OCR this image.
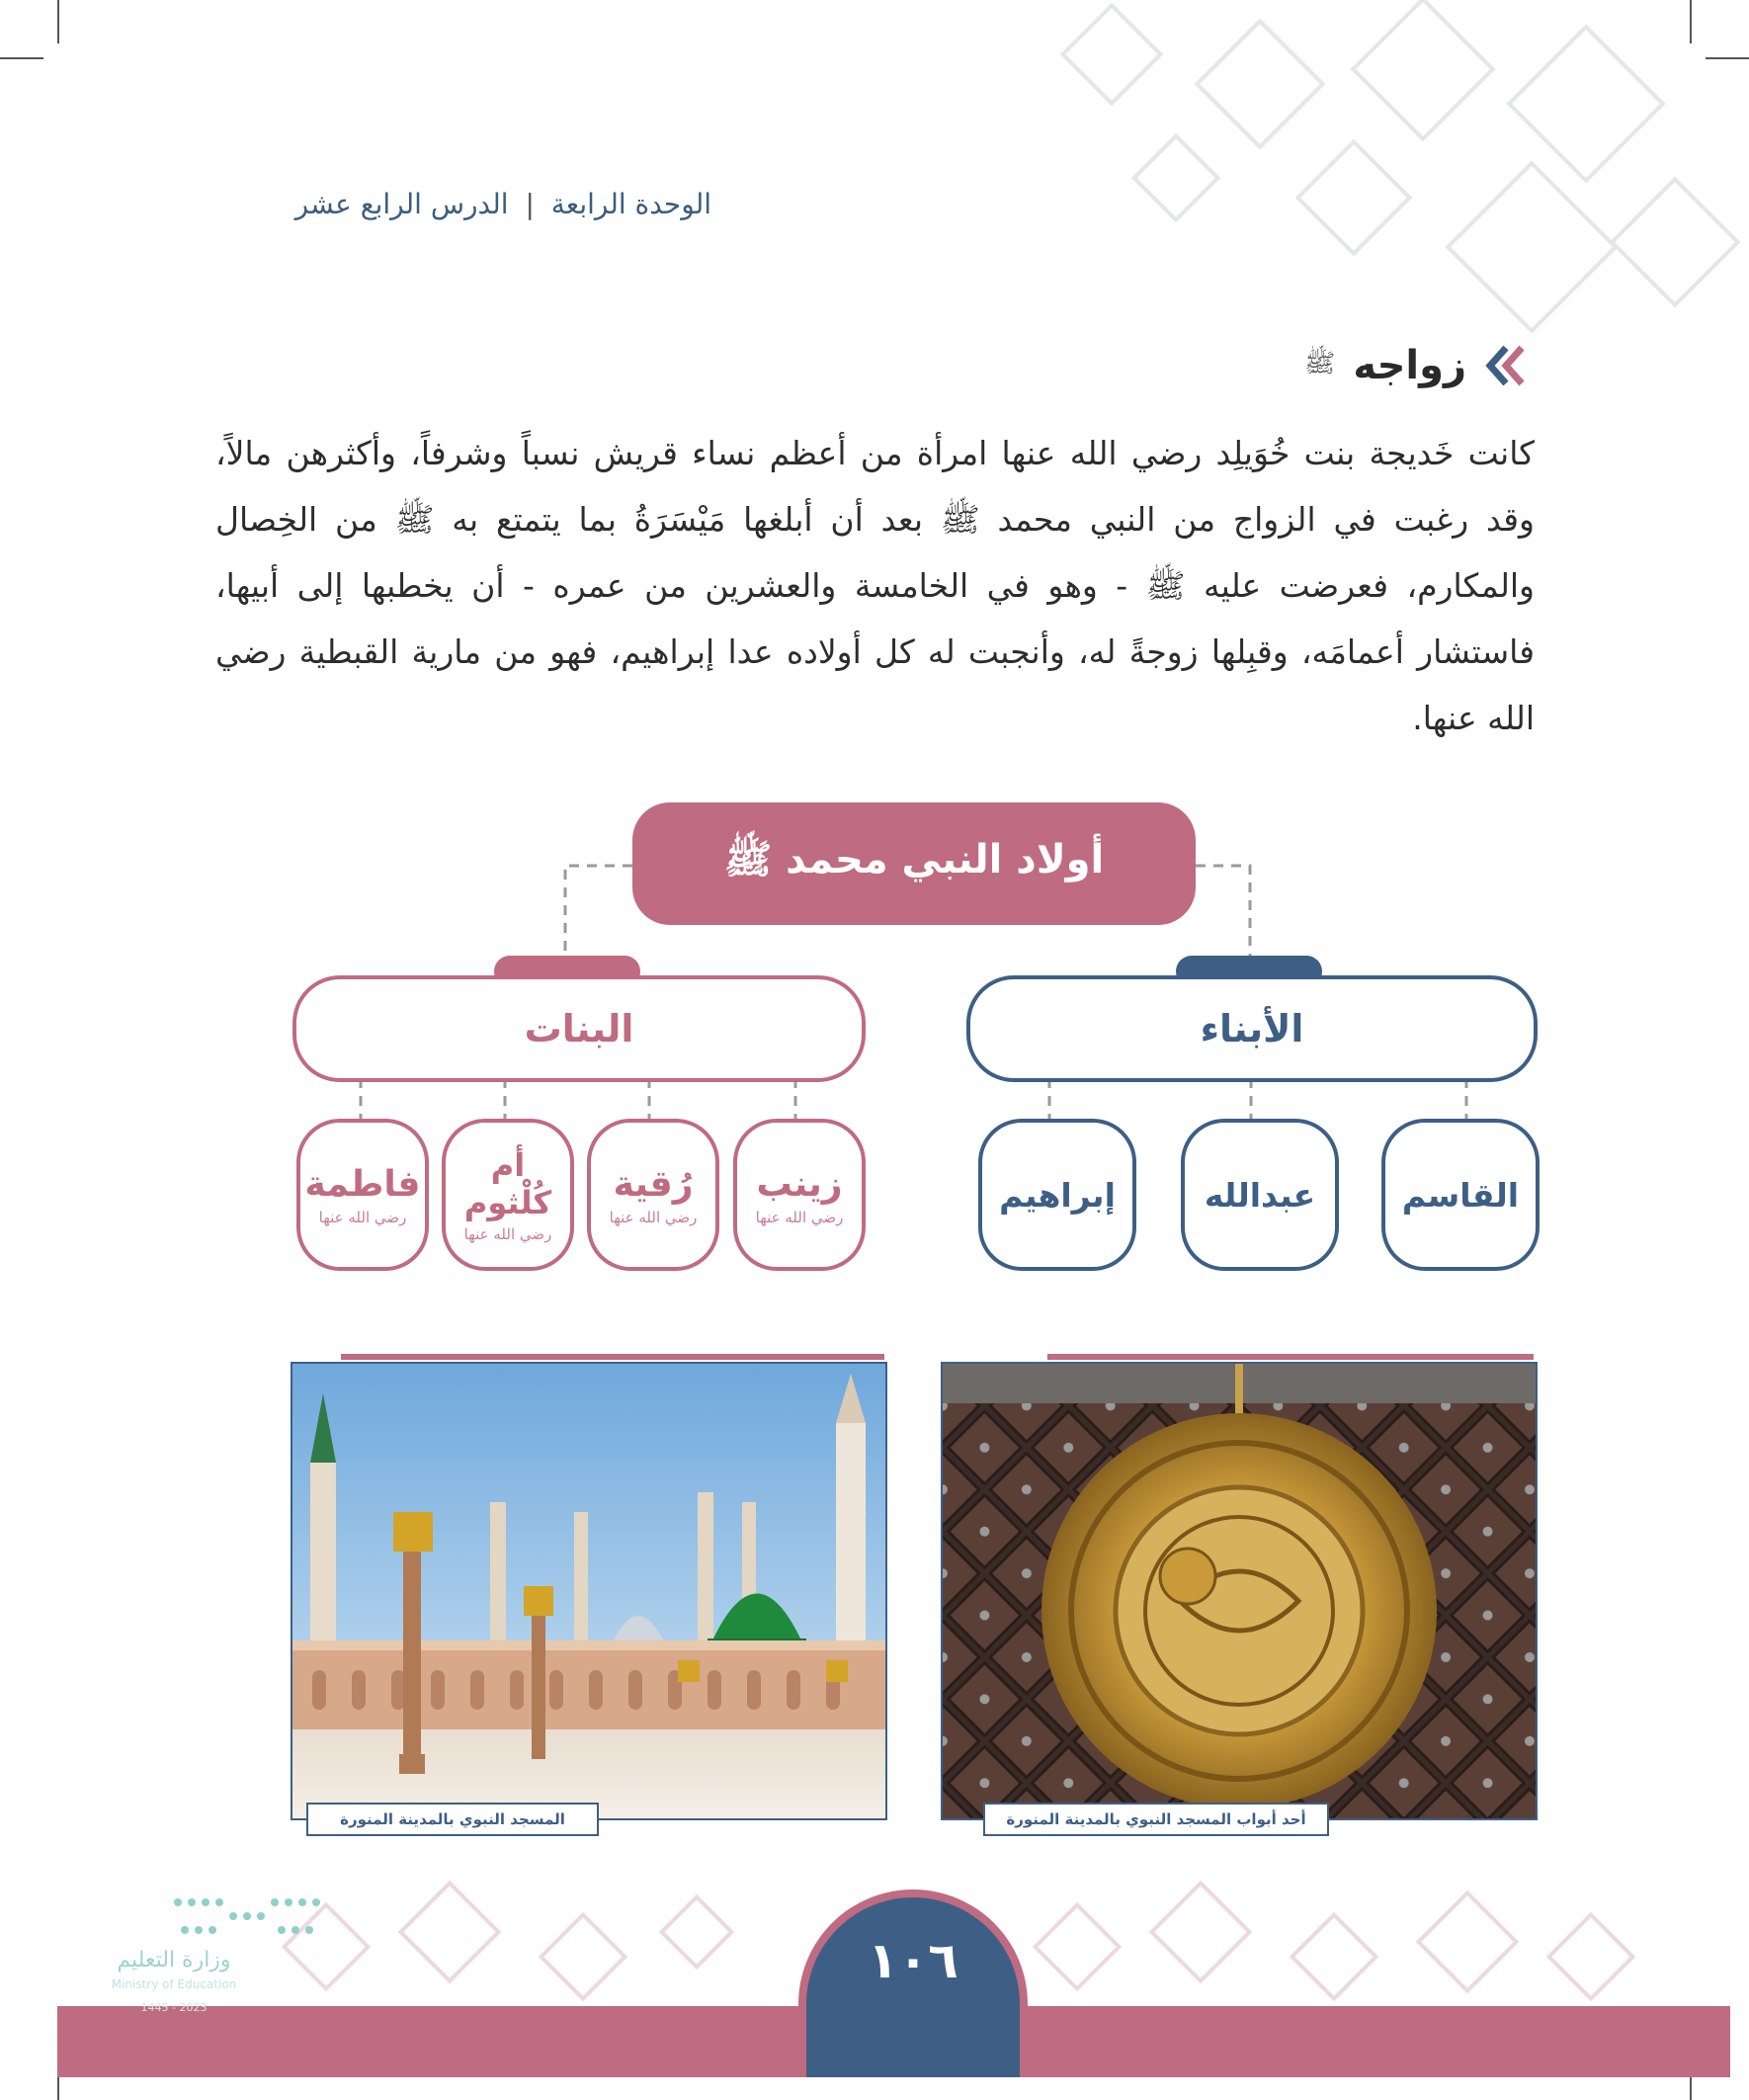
الوحدة الرابعة | الدرس الرابع عشر
زواجه
ﷺ
كانت خَديجة بنت خُوَيلِد رضي الله عنها امرأة من أعظم نساء قريش نسباً وشرفاً، وأكثرهن مالاً، وقد رغبت في الزواج من النبي محمد ﷺ بعد أن أبلغها مَيْسَرَةُ بما يتمتع به ﷺ من الخِصال والمكارم، فعرضت عليه ﷺ - وهو في الخامسة والعشرين من عمره - أن يخطبها إلى أبيها، فاستشار أعمامَه، وقبِلها زوجةً له، وأنجبت له كل أولاده عدا إبراهيم، فهو من مارية القبطية رضي الله عنها.
أولاد النبي محمد ﷺ
الأبناء
البنات
القاسم
عبدالله
إبراهيم
زينب
رضي الله عنها
رُقية
رضي الله عنها
أم كُلْثوم
رضي الله عنها
فاطمة
رضي الله عنها
أحد أبواب المسجد النبوي بالمدينة المنورة
المسجد النبوي بالمدينة المنورة
١٠٦
وزارة التعليم
Ministry of Education
2023 - 1445
